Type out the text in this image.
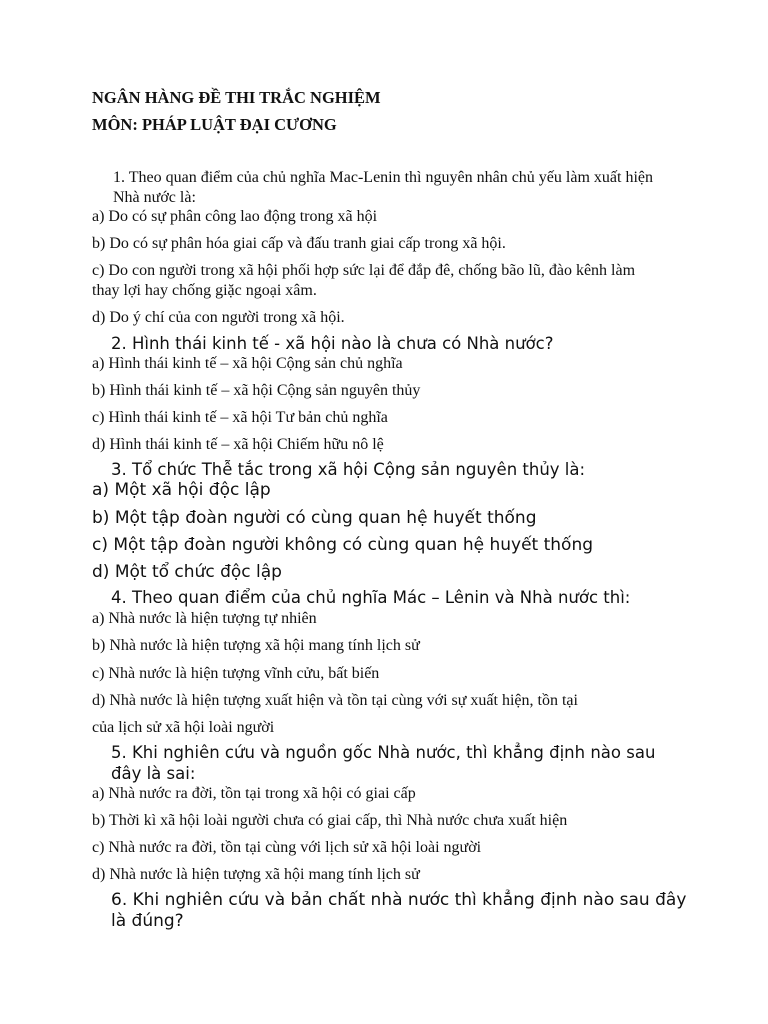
NGÂN HÀNG ĐỀ THI TRẮC NGHIỆM
MÔN: PHÁP LUẬT ĐẠI CƯƠNG
1. Theo quan điểm của chủ nghĩa Mac-Lenin thì nguyên nhân chủ yếu làm xuất hiện
Nhà nước là:
a) Do có sự phân công lao động trong xã hội
b) Do có sự phân hóa giai cấp và đấu tranh giai cấp trong xã hội.
c) Do con người trong xã hội phối hợp sức lại để đắp đê, chống bão lũ, đào kênh làm
thay lợi hay chống giặc ngoại xâm.
d) Do ý chí của con người trong xã hội.
2. Hình thái kinh tế - xã hội nào là chưa có Nhà nước?
a) Hình thái kinh tế – xã hội Cộng sản chủ nghĩa
b) Hình thái kinh tế – xã hội Cộng sản nguyên thủy
c) Hình thái kinh tế – xã hội Tư bản chủ nghĩa
d) Hình thái kinh tế – xã hội Chiếm hữu nô lệ
3. Tổ chức Thễ tắc trong xã hội Cộng sản nguyên thủy là:
a) Một xã hội độc lập
b) Một tập đoàn người có cùng quan hệ huyết thống
c) Một tập đoàn người không có cùng quan hệ huyết thống
d) Một tổ chức độc lập
4. Theo quan điểm của chủ nghĩa Mác – Lênin và Nhà nước thì:
a) Nhà nước là hiện tượng tự nhiên
b) Nhà nước là hiện tượng xã hội mang tính lịch sử
c) Nhà nước là hiện tượng vĩnh cửu, bất biến
d) Nhà nước là hiện tượng xuất hiện và tồn tại cùng với sự xuất hiện, tồn tại
của lịch sử xã hội loài người
5. Khi nghiên cứu và nguồn gốc Nhà nước, thì khẳng định nào sau
đây là sai:
a) Nhà nước ra đời, tồn tại trong xã hội có giai cấp
b) Thời kì xã hội loài người chưa có giai cấp, thì Nhà nước chưa xuất hiện
c) Nhà nước ra đời, tồn tại cùng với lịch sử xã hội loài người
d) Nhà nước là hiện tượng xã hội mang tính lịch sử
6. Khi nghiên cứu và bản chất nhà nước thì khẳng định nào sau đây
là đúng?
